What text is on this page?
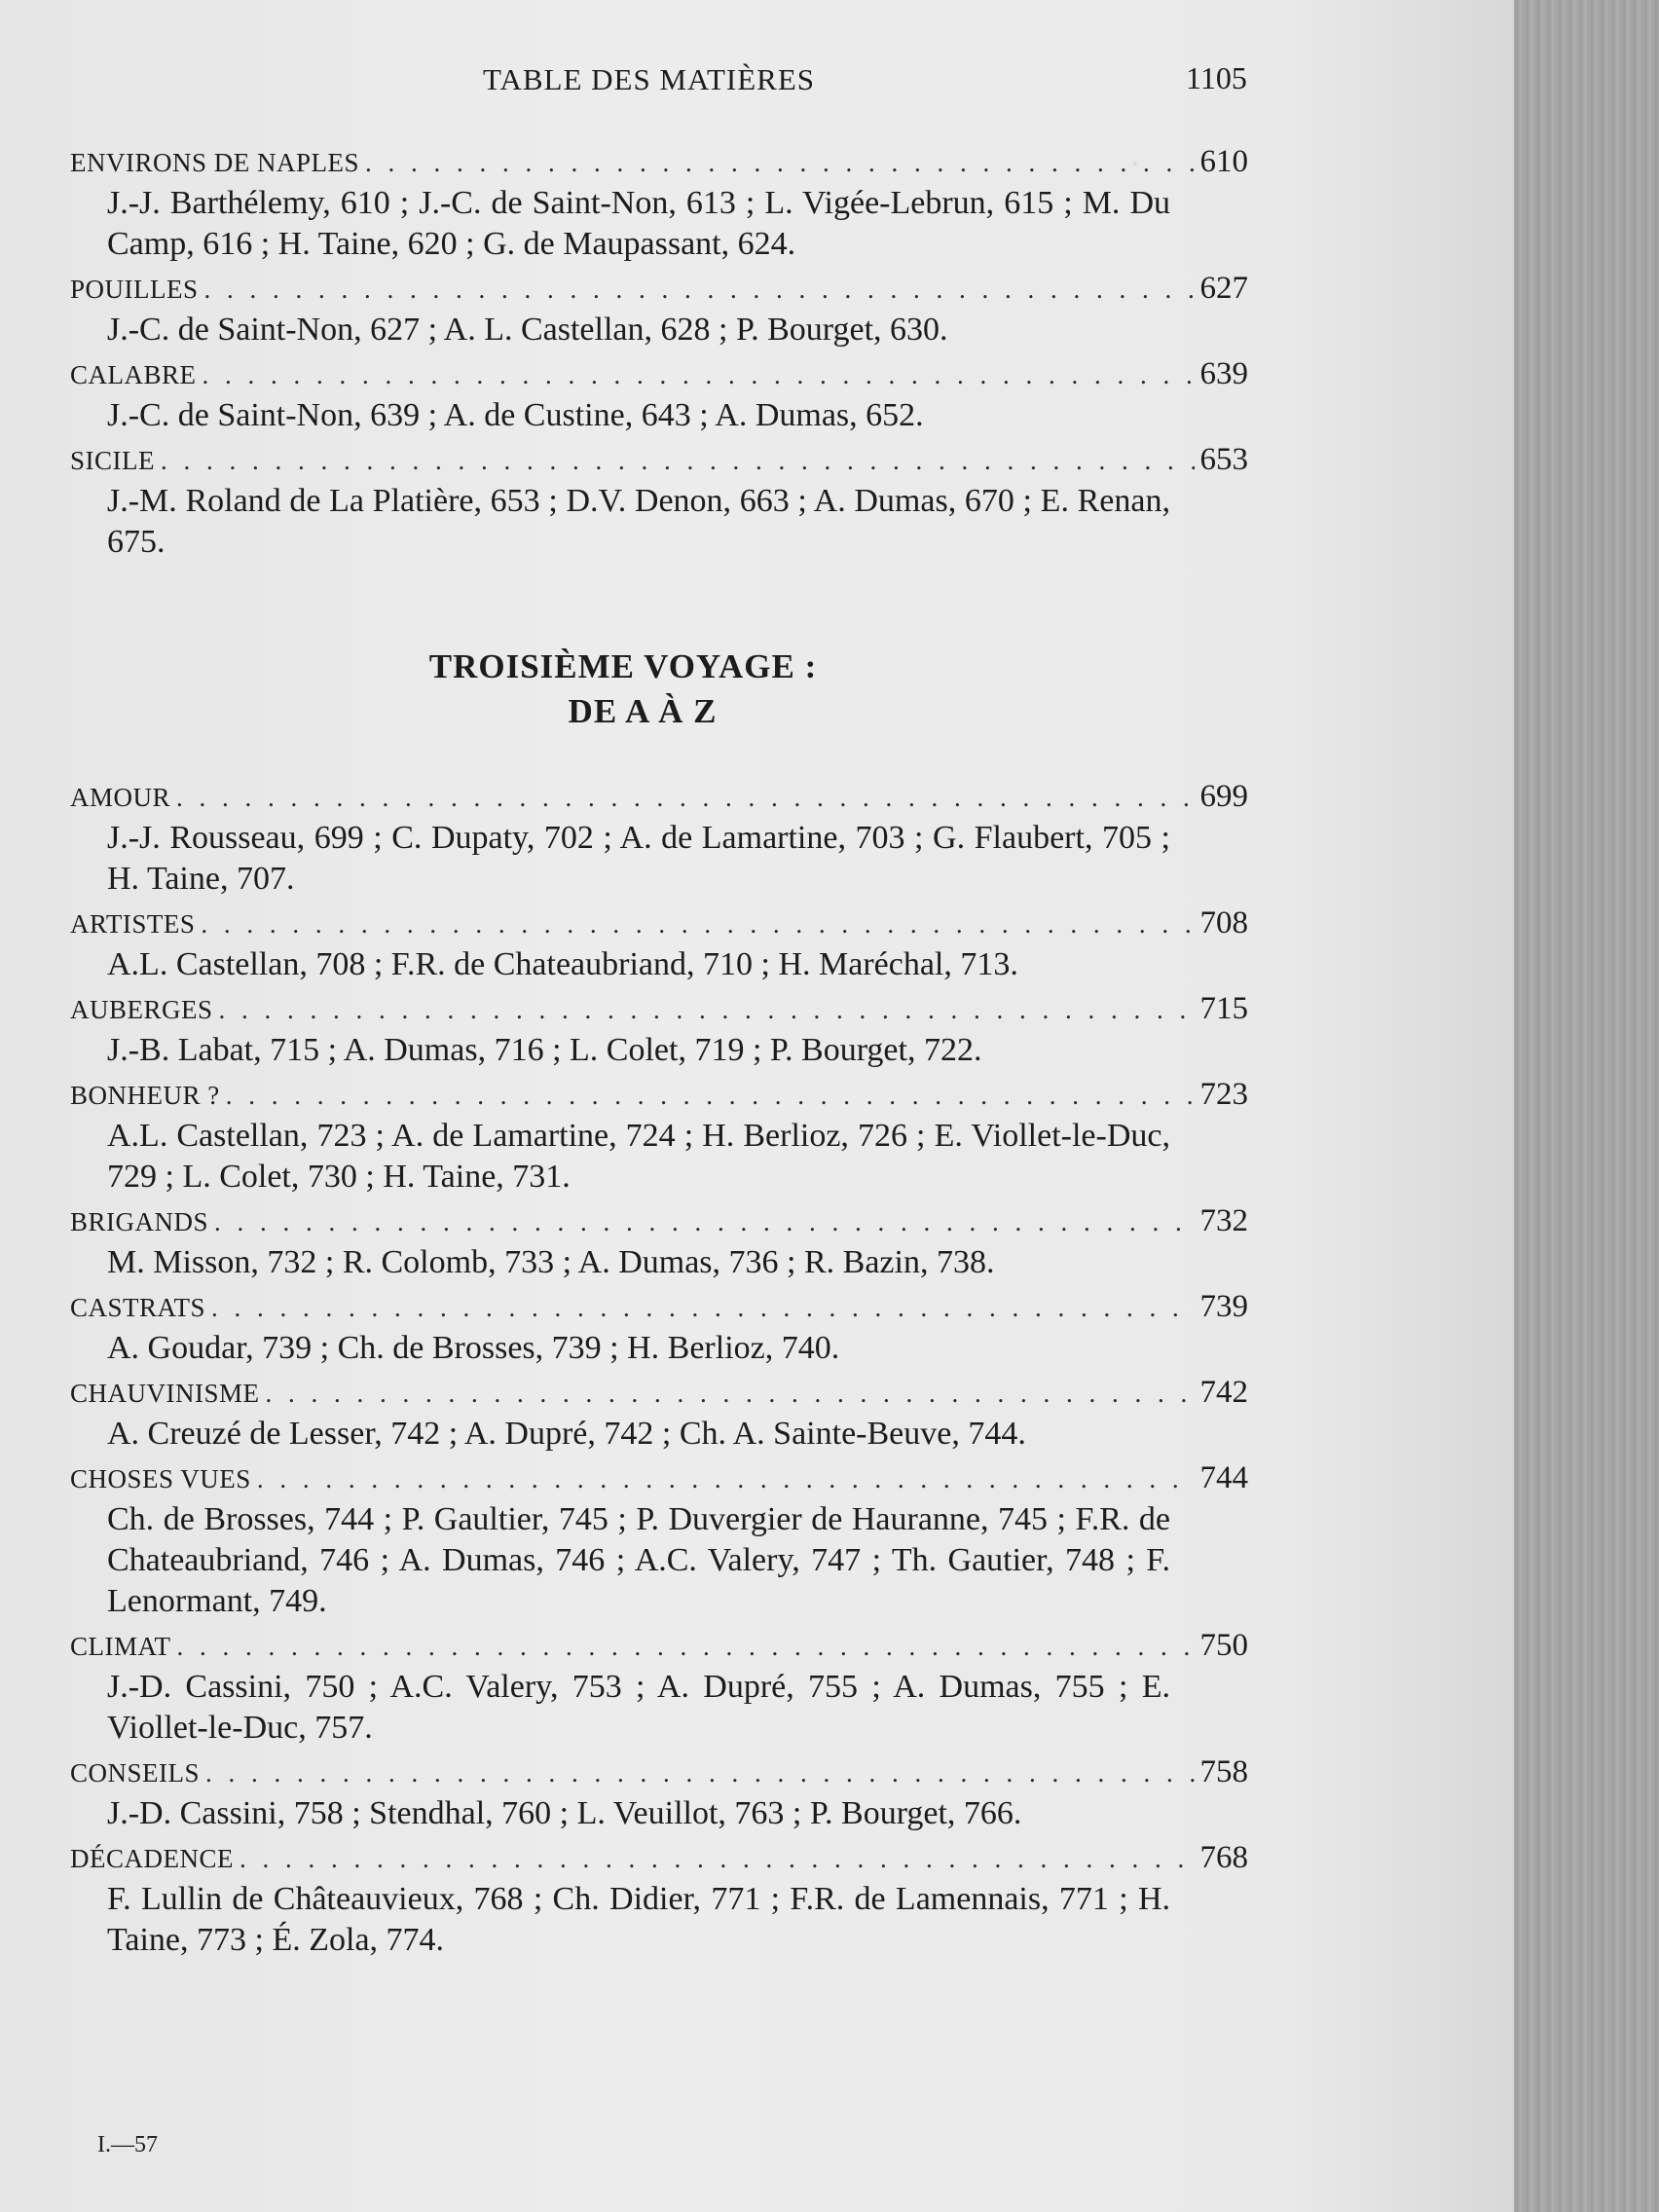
·
TABLE DES MATIÈRES	1105
ENVIRONS DE NAPLES . . .	610
J.-J. Barthélemy, 610 ; J.-C. de Saint-Non, 613 ; L. Vigée-Lebrun, 615 ; M. Du Camp, 616 ; H. Taine, 620 ; G. de Maupassant, 624.
POUILLES . . .	627
J.-C. de Saint-Non, 627 ; A. L. Castellan, 628 ; P. Bourget, 630.
CALABRE . . .	639
J.-C. de Saint-Non, 639 ; A. de Custine, 643 ; A. Dumas, 652.
SICILE . . .	653
J.-M. Roland de La Platière, 653 ; D.V. Denon, 663 ; A. Dumas, 670 ; E. Renan, 675.
TROISIÈME VOYAGE :
DE A À Z
AMOUR . . .	699
J.-J. Rousseau, 699 ; C. Dupaty, 702 ; A. de Lamartine, 703 ; G. Flaubert, 705 ; H. Taine, 707.
ARTISTES . . .	708
A.L. Castellan, 708 ; F.R. de Chateaubriand, 710 ; H. Maréchal, 713.
AUBERGES . . .	715
J.-B. Labat, 715 ; A. Dumas, 716 ; L. Colet, 719 ; P. Bourget, 722.
BONHEUR ? . . .	723
A.L. Castellan, 723 ; A. de Lamartine, 724 ; H. Berlioz, 726 ; E. Viollet-le-Duc, 729 ; L. Colet, 730 ; H. Taine, 731.
BRIGANDS . . .	732
M. Misson, 732 ; R. Colomb, 733 ; A. Dumas, 736 ; R. Bazin, 738.
CASTRATS . . .	739
A. Goudar, 739 ; Ch. de Brosses, 739 ; H. Berlioz, 740.
CHAUVINISME . . .	742
A. Creuzé de Lesser, 742 ; A. Dupré, 742 ; Ch. A. Sainte-Beuve, 744.
CHOSES VUES . . .	744
Ch. de Brosses, 744 ; P. Gaultier, 745 ; P. Duvergier de Hauranne, 745 ; F.R. de Chateaubriand, 746 ; A. Dumas, 746 ; A.C. Valery, 747 ; Th. Gautier, 748 ; F. Lenormant, 749.
CLIMAT . . .	750
J.-D. Cassini, 750 ; A.C. Valery, 753 ; A. Dupré, 755 ; A. Dumas, 755 ; E. Viollet-le-Duc, 757.
CONSEILS . . .	758
J.-D. Cassini, 758 ; Stendhal, 760 ; L. Veuillot, 763 ; P. Bourget, 766.
DÉCADENCE . . .	768
F. Lullin de Châteauvieux, 768 ; Ch. Didier, 771 ; F.R. de Lamennais, 771 ; H. Taine, 773 ; É. Zola, 774.
I.—57
